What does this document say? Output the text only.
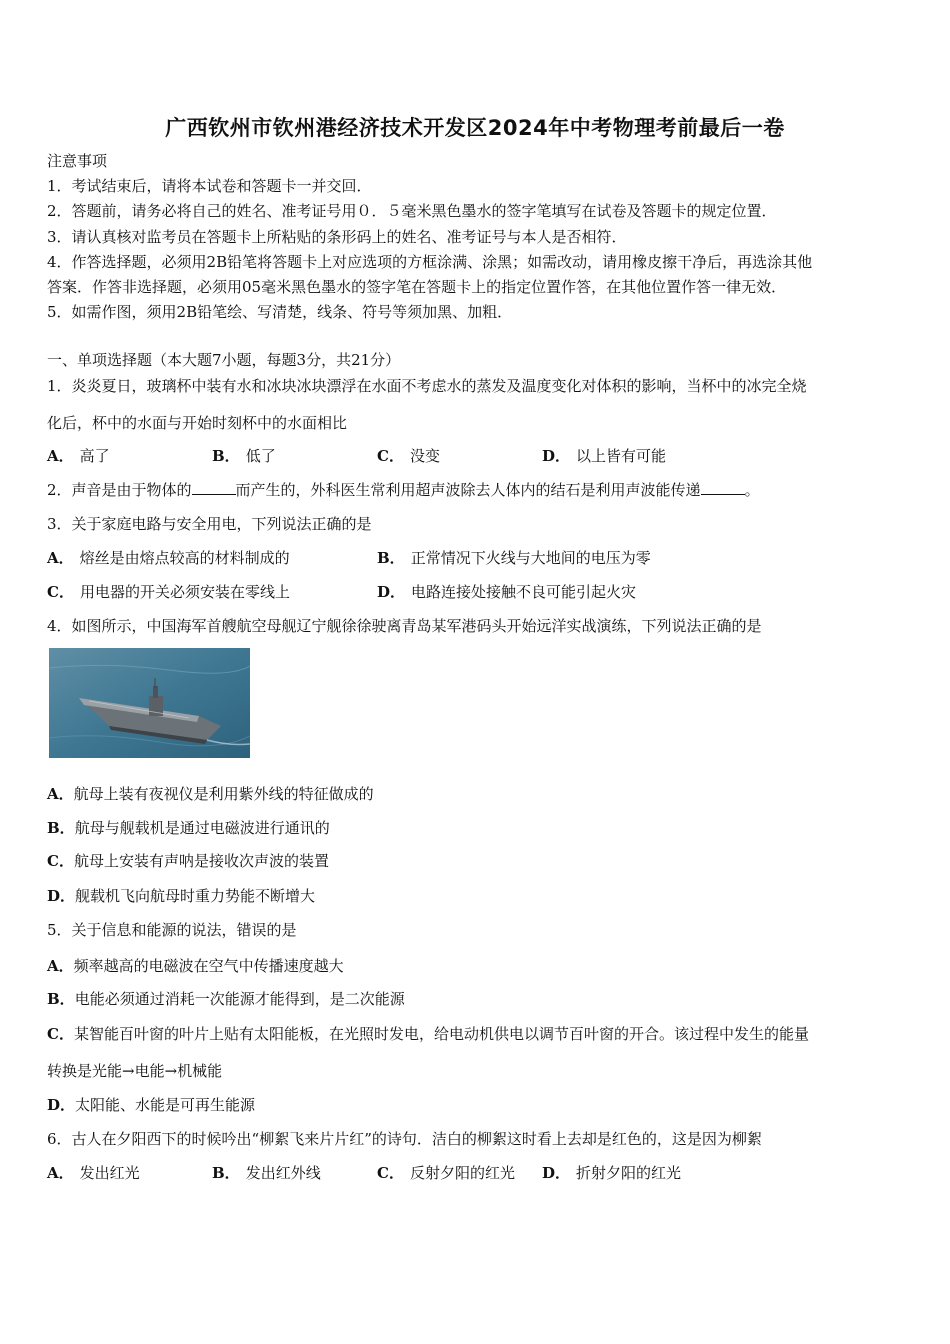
广西钦州市钦州港经济技术开发区2024年中考物理考前最后一卷
注意事项
1．考试结束后，请将本试卷和答题卡一并交回．
2．答题前，请务必将自己的姓名、准考证号用０．５毫米黑色墨水的签字笔填写在试卷及答题卡的规定位置．
3．请认真核对监考员在答题卡上所粘贴的条形码上的姓名、准考证号与本人是否相符．
4．作答选择题，必须用2B铅笔将答题卡上对应选项的方框涂满、涂黑；如需改动，请用橡皮擦干净后，再选涂其他
答案．作答非选择题，必须用05毫米黑色墨水的签字笔在答题卡上的指定位置作答，在其他位置作答一律无效．
5．如需作图，须用2B铅笔绘、写清楚，线条、符号等须加黑、加粗．
一、单项选择题（本大题7小题，每题3分，共21分）
1．炎炎夏日，玻璃杯中装有水和冰块冰块漂浮在水面不考虑水的蒸发及温度变化对体积的影响，当杯中的冰完全烧
化后，杯中的水面与开始时刻杯中的水面相比
A． 高了	B． 低了	C． 没变	D． 以上皆有可能
2．声音是由于物体的	而产生的，外科医生常利用超声波除去人体内的结石是利用声波能传递	。
3．关于家庭电路与安全用电，下列说法正确的是
A． 熔丝是由熔点较高的材料制成的	B． 正常情况下火线与大地间的电压为零
C． 用电器的开关必须安装在零线上	D． 电路连接处接触不良可能引起火灾
4．如图所示，中国海军首艘航空母舰辽宁舰徐徐驶离青岛某军港码头开始远洋实战演练，下列说法正确的是
A．航母上装有夜视仪是利用紫外线的特征做成的
B．航母与舰载机是通过电磁波进行通讯的
C．航母上安装有声呐是接收次声波的装置
D．舰载机飞向航母时重力势能不断增大
5．关于信息和能源的说法，错误的是
A．频率越高的电磁波在空气中传播速度越大
B．电能必须通过消耗一次能源才能得到，是二次能源
C．某智能百叶窗的叶片上贴有太阳能板，在光照时发电，给电动机供电以调节百叶窗的开合。该过程中发生的能量
转换是光能→电能→机械能
D．太阳能、水能是可再生能源
6．古人在夕阳西下的时候吟出“柳絮飞来片片红”的诗句．洁白的柳絮这时看上去却是红色的，这是因为柳絮
A． 发出红光	B． 发出红外线	C． 反射夕阳的红光 D． 折射夕阳的红光
